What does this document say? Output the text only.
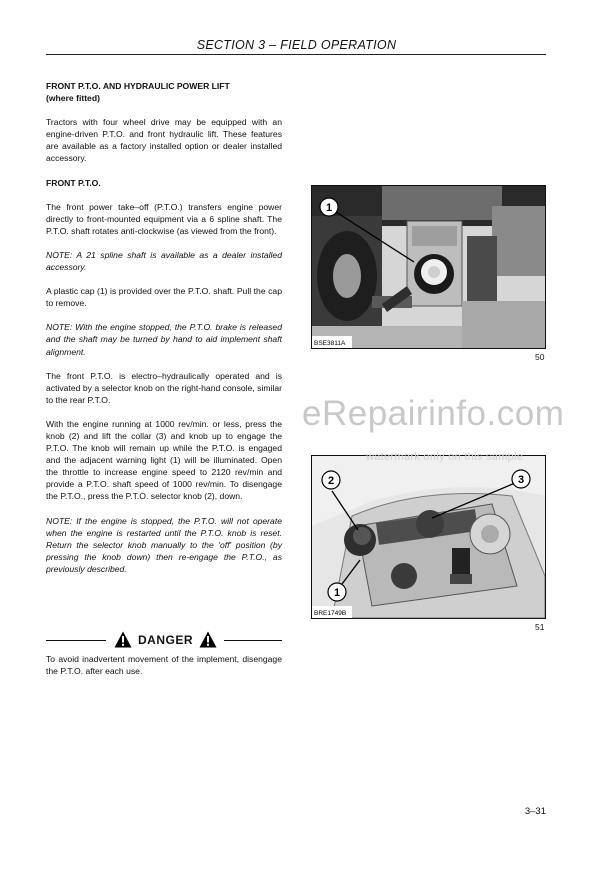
SECTION 3 – FIELD OPERATION

FRONT P.T.O. AND HYDRAULIC POWER LIFT

(where fitted)

Tractors with four wheel drive may be equipped with an engine-driven P.T.O. and front hydraulic lift. These features are available as a factory installed option or dealer installed accessory.

FRONT P.T.O.

The front power take–off (P.T.O.) transfers engine power directly to front-mounted equipment via a 6 spline shaft. The P.T.O. shaft rotates anti-clockwise (as viewed from the front).

NOTE: A 21 spline shaft is available as a dealer installed accessory.

A plastic cap (1) is provided over the P.T.O. shaft. Pull the cap to remove.

NOTE: With the engine stopped, the P.T.O. brake is released and the shaft may be turned by hand to aid implement shaft alignment.

The front P.T.O. is electro–hydraulically operated and is activated by a selector knob on the right-hand console, similar to the rear P.T.O.

With the engine running at 1000 rev/min. or less, press the knob (2) and lift the collar (3) and knob up to engage the P.T.O. The knob will remain up while the P.T.O. is engaged and the adjacent warning light (1) will be illuminated. Open the throttle to increase engine speed to 2120 rev/min and provide a P.T.O. shaft speed of 1000 rev/min. To disengage the P.T.O., press the P.T.O. selector knob (2), down.

NOTE: If the engine is stopped, the P.T.O. will not operate when the engine is restarted until the P.T.O. knob is reset. Return the selector knob manually to the 'off' position (by pressing the knob down) then re-engage the P.T.O., as previously described.

DANGER
To avoid inadvertent movement of the implement, disengage the P.T.O. after each use.
1
BSE3811A
50
2	3
1
BRE1749B
51
eRepairinfo.com
watermark only on this sample
3–31
